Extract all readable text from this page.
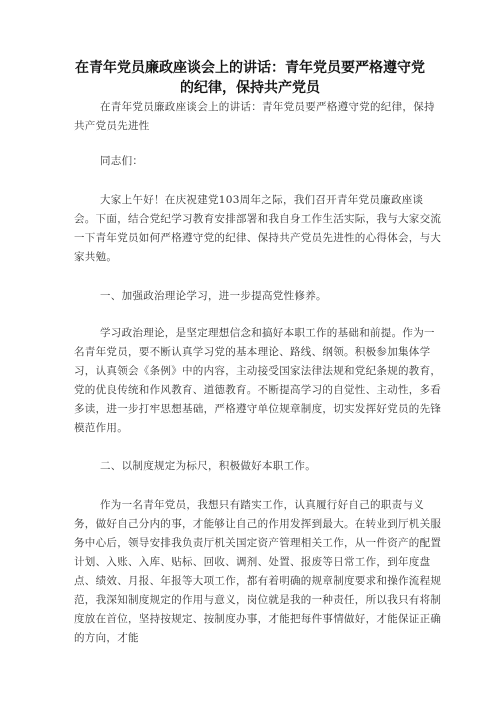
在青年党员廉政座谈会上的讲话：青年党员要严格遵守党的纪律，保持共产党员

在青年党员廉政座谈会上的讲话：青年党员要严格遵守党的纪律，保持共产党员先进性

同志们：

大家上午好！在庆祝建党103周年之际，我们召开青年党员廉政座谈会。下面，结合党纪学习教育安排部署和我自身工作生活实际，我与大家交流一下青年党员如何严格遵守党的纪律、保持共产党员先进性的心得体会，与大家共勉。

一、加强政治理论学习，进一步提高党性修养。

学习政治理论，是坚定理想信念和搞好本职工作的基础和前提。作为一名青年党员，要不断认真学习党的基本理论、路线、纲领。积极参加集体学习，认真领会《条例》中的内容，主动接受国家法律法规和党纪条规的教育，党的优良传统和作风教育、道德教育。不断提高学习的自觉性、主动性，多看多读，进一步打牢思想基础，严格遵守单位规章制度，切实发挥好党员的先锋模范作用。

二、以制度规定为标尺，积极做好本职工作。

作为一名青年党员，我想只有踏实工作，认真履行好自己的职责与义务，做好自己分内的事，才能够让自己的作用发挥到最大。在转业到厅机关服务中心后，领导安排我负责厅机关国定资产管理相关工作，从一件资产的配置计划、入账、入库、贴标、回收、调剂、处置、报废等日常工作，到年度盘点、绩效、月报、年报等大项工作，都有着明确的规章制度要求和操作流程规范，我深知制度规定的作用与意义，岗位就是我的一种责任，所以我只有将制度放在首位，坚持按规定、按制度办事，才能把每件事情做好，才能保证正确的方向，才能
